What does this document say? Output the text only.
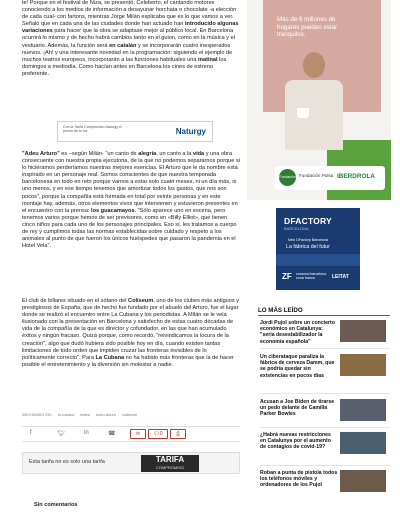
te! Porque en el festival de Niza, se presentó, Celeberto, el cantando motores conociendo a los medios de información a desayunar horchata o chocolate -a elección de cada cual- con fartons, mientras Jorge Milán explicaba que es lo que vamos a ver. Señaló que en cada una de las ciudades donde han actuado han introducido algunas variaciones para hacer que la obra se adaptase mejor al público local. En Barcelona ocurrirá lo mismo y de hecho habrá cambios tanto en el guion, como en la música y el vestuario. Además, la función será en catalán y se incorporarán cuatro inesperados nuevos. ¡Ah! y una interesante novedad en la programación: siguiendo el ejemplo de muchos teatros europeos, incorporarán a las funciones habituales una matinal los domingos a mediodía. Como hacían antes en Barcelona los cines de estreno preferente.

Con la Tarifa Compromiso Naturgy el precio de tu luz	Naturgy

"Adeu Arturo" es –según Milán- "un canto de alegría, un canto a la vida y una obra consecuente con nuestra propia ejecutoria, de la que no podemos separarnos porque si lo hiciéramos perderíamos nuestras mejores esencias. El Arturo que le da nombre está inspirado en un personaje real. Somos conscientes de que nuestra temporada barcelonesa en todo en reto porque vamos a estar solo cuatri meses, ni un día más, ni uno menos, y en ese tiempo tenemos que amortizar todos los gastos, que nos son pocos", porque la compañía está formada en total por veinte personas y en este montaje hay, además, otros elementos vivos que intervienen y estuvieron presentes en el encuentro con la prensa: los guacamayos. "Sólo aparece uno en escena, pero tenemos varios porque hemos de ser previsores, como en «Billy Elliot», que tienen cinco niños para cada uno de los personajes principales. Eso sí, les tratamos a cuerpo de rey y cumplimos todas las normas establecidas sobre cuidado y respeto a los animales al punto de que fueron los únicos huéspedes que pasaron la pandemia en el Hotel Vela".

El club de billares situado en el sótano del Coliseum, uno de los clubes más antiguos y prestigiosos de España, que de hecho fue fundado por el abuelo del Arturo, fue el lugar donde se realizó el encuentro entre La Cubana y los periodistas. A Milán se le vela ilusionado con la presentación en Barcelona y satisfecho de estas cuatro décadas de vida de la compañía de la que es director y cofundador, en las que han acumulado éxitos y ningún fracaso. Quizá porque, como recordó, "reivindicamos la locura de la creación", algo que dudó hubiera sido posible hoy en día, cuando existen tantas limitaciones de todo orden que impiden cruzar las fronteras invisibles de lo políticamente correcto". Para La Cubana no ha habido más fronteras que la de hacer posible el entretenimiento y la diversión sin molestar a nadie.

ARCHIVADO EN: la cubana teatro Adeu Arturo coliseum
f	🐦︎	in	☎	✉	💬︎0	⎙
Esta tarifa no es solo una tarifa	TARIFA
COMPROMISO
Sin comentarios
Más de 6 millones de hogares pueden estar tranquilos.
Fundación Fundación Pulsa IBERDROLA
DFACTORY
BARCELONA
Neix DFactory Barcelona
La fàbrica del futur
ZF consorci barcelona zona franca	LEITAT
LO MÁS LEÍDO
Jordi Pujol sobre un concierto económico en Catalunya: "sería desestabilizador la economía española"
Un ciberataque paraliza la fábrica de cerveza Damm, que se podría quedar sin existencias en pocos días
Acusan a Joe Biden de tirarse un pedo delante de Camilla Parker Bowles
¿Habrá nuevas restricciones en Catalunya por el aumento de contagios de covid-19?
Roban a punta de pistola todos los teléfonos móviles y ordenadores de los Pujol
